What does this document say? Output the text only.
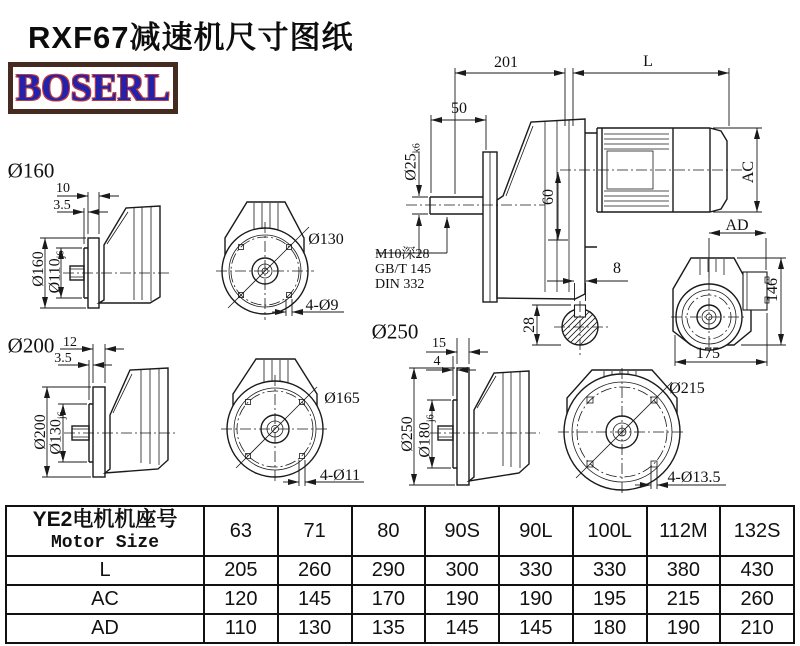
RXF67减速机尺寸图纸
BOSERL
201	L
50
$Ø25_{k6}$
60
AC
AD
M10深28
GB/T 145
DIN 332
Ø160
10
3.5
Ø160 $Ø110_{j6}$
Ø130
4-Ø9
Ø200 12
3.5
Ø200
$Ø130_{j6}$
Ø165
4-Ø11
Ø250 15
4
Ø250 $Ø180_{j6}$
Ø215
4-Ø13.5
8
28
146
175
YE2电机机座号
Motor Size	63	71	80	90S	90L	100L	112M	132S
L	205	260	290	300	330	330	380	430
AC	120	145	170	190	190	195	215	260
AD	110	130	135	145	145	180	190	210
